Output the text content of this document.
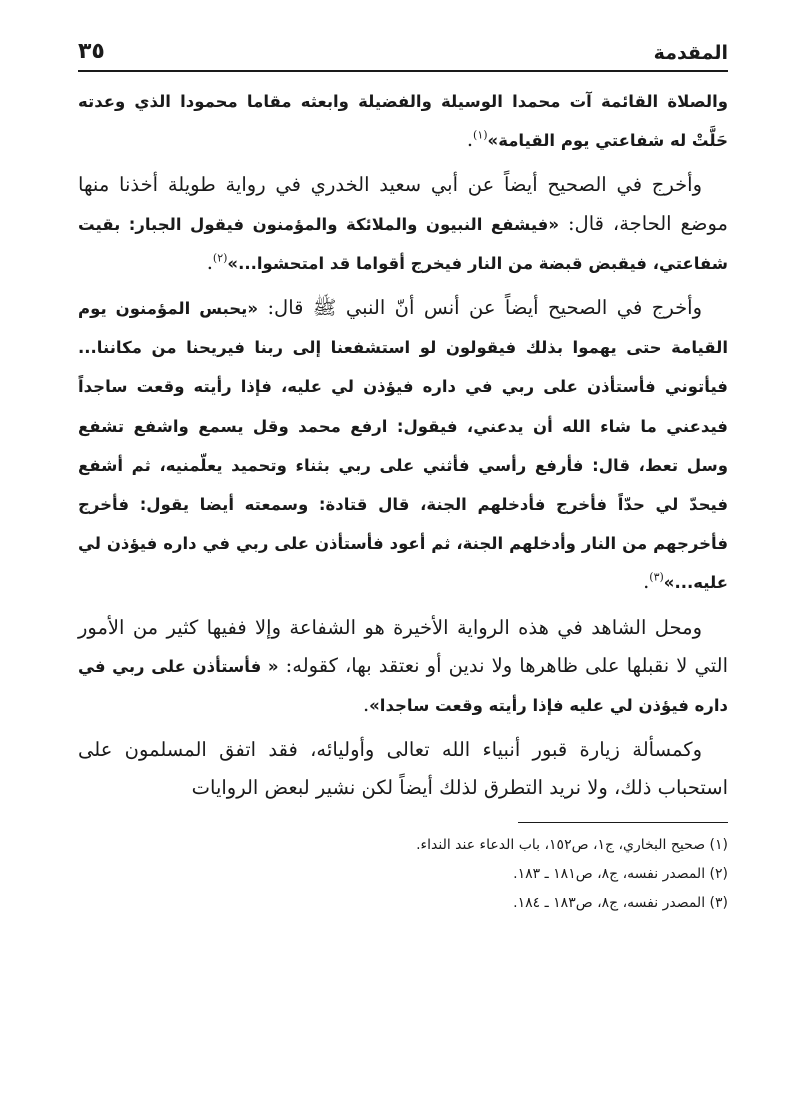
المقدمة
٣٥

والصلاة القائمة آت محمدا الوسيلة والفضيلة وابعثه مقاما محمودا الذي وعدته حَلَّتْ له شفاعتي يوم القيامة»$^{(١)}$.

وأخرج في الصحيح أيضاً عن أبي سعيد الخدري في رواية طويلة أخذنا منها موضع الحاجة، قال: «فيشفع النبيون والملائكة والمؤمنون فيقول الجبار: بقيت شفاعتي، فيقبض قبضة من النار فيخرج أقواما قد امتحشوا...»$^{(٢)}$.

وأخرج في الصحيح أيضاً عن أنس أنّ النبي ﷺ قال: «يحبس المؤمنون يوم القيامة حتى يهموا بذلك فيقولون لو استشفعنا إلى ربنا فيريحنا من مكاننا... فيأتوني فأستأذن على ربي في داره فيؤذن لي عليه، فإذا رأيته وقعت ساجداً فيدعني ما شاء الله أن يدعني، فيقول: ارفع محمد وقل يسمع واشفع تشفع وسل تعط، قال: فأرفع رأسي فأثني على ربي بثناء وتحميد يعلّمنيه، ثم أشفع فيحدّ لي حدّاً فأخرج فأدخلهم الجنة، قال قتادة: وسمعته أيضا يقول: فأخرج فأخرجهم من النار وأدخلهم الجنة، ثم أعود فأستأذن على ربي في داره فيؤذن لي عليه...»$^{(٣)}$.

ومحل الشاهد في هذه الرواية الأخيرة هو الشفاعة وإلا ففيها كثير من الأمور التي لا نقبلها على ظاهرها ولا ندين أو نعتقد بها، كقوله: « فأستأذن على ربي في داره فيؤذن لي عليه فإذا رأيته وقعت ساجدا».

وكمسألة زيارة قبور أنبياء الله تعالى وأوليائه، فقد اتفق المسلمون على استحباب ذلك، ولا نريد التطرق لذلك أيضاً لكن نشير لبعض الروايات

(١) صحيح البخاري، ج١، ص١٥٢، باب الدعاء عند النداء.

(٢) المصدر نفسه، ج٨، ص١٨١ ـ ١٨٣.

(٣) المصدر نفسه، ج٨، ص١٨٣ ـ ١٨٤.
